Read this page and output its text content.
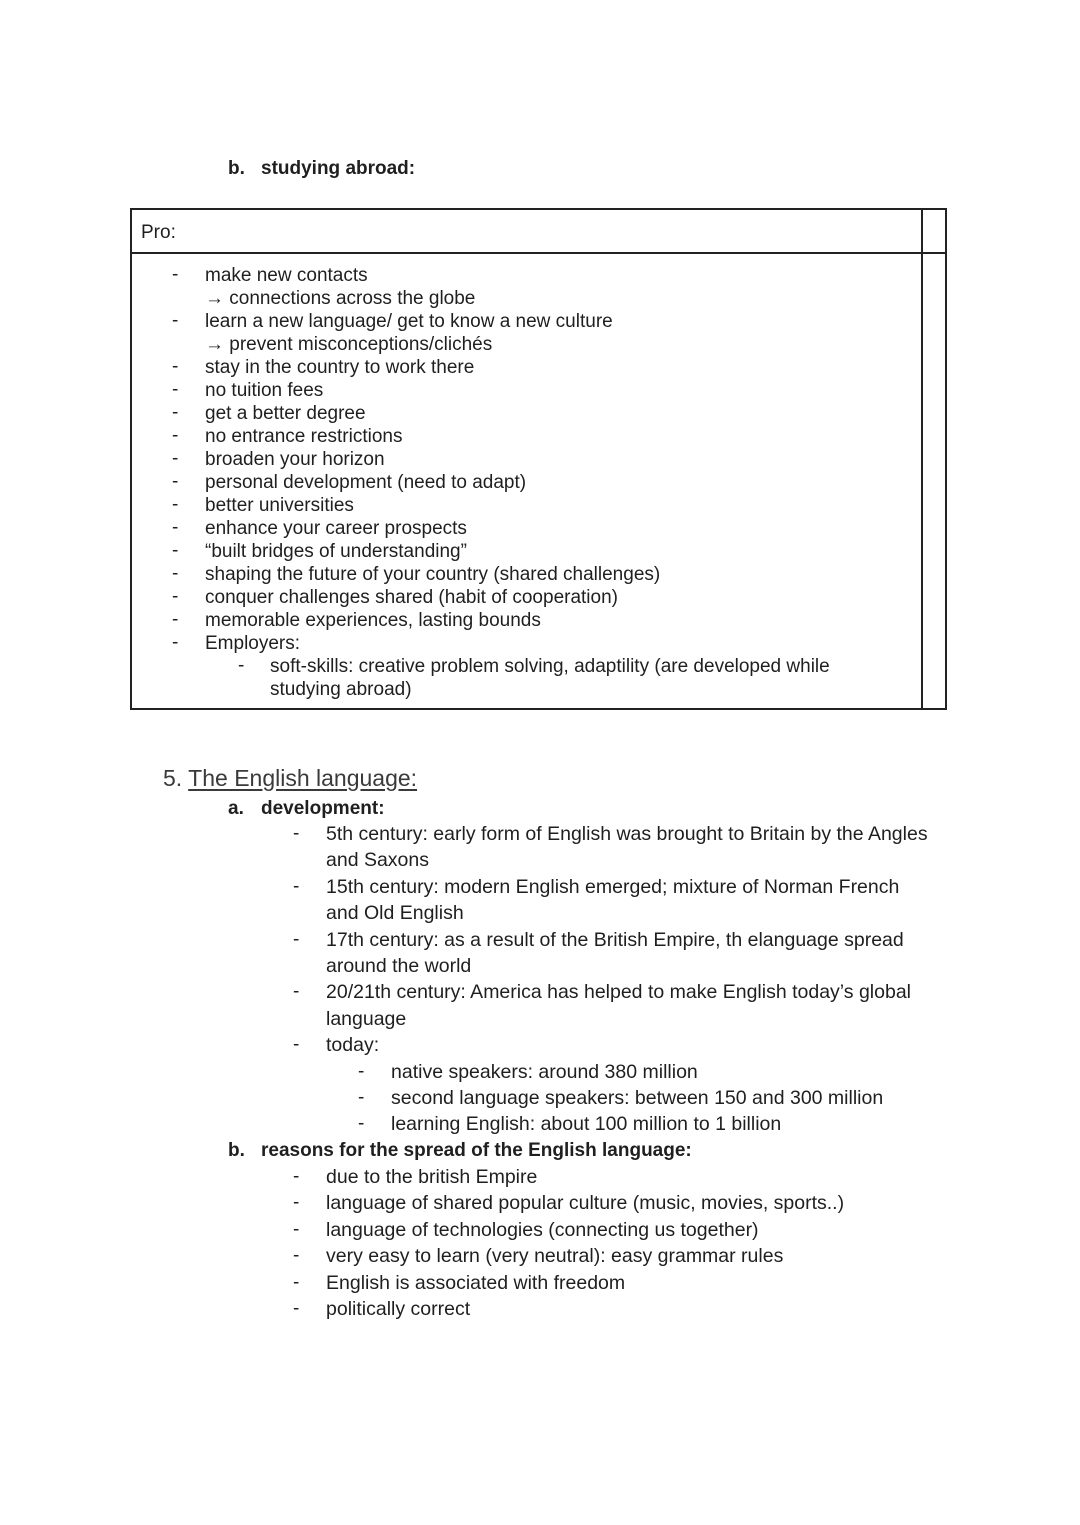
b. studying abroad:
Pro:
- make new contacts
→ connections across the globe
- learn a new language/ get to know a new culture
→ prevent misconceptions/clichés
- stay in the country to work there
- no tuition fees
- get a better degree
- no entrance restrictions
- broaden your horizon
- personal development (need to adapt)
- better universities
- enhance your career prospects
- “built bridges of understanding”
- shaping the future of your country (shared challenges)
- conquer challenges shared (habit of cooperation)
- memorable experiences, lasting bounds
- Employers:
- soft-skills: creative problem solving, adaptility (are developed while
studying abroad)
5. The English language:
a. development:
- 5th century: early form of English was brought to Britain by the Angles
and Saxons
- 15th century: modern English emerged; mixture of Norman French
and Old English
- 17th century: as a result of the British Empire, th elanguage spread
around the world
- 20/21th century: America has helped to make English today’s global
language
- today:
- native speakers: around 380 million
- second language speakers: between 150 and 300 million
- learning English: about 100 million to 1 billion
b. reasons for the spread of the English language:
- due to the british Empire
- language of shared popular culture (music, movies, sports..)
- language of technologies (connecting us together)
- very easy to learn (very neutral): easy grammar rules
- English is associated with freedom
- politically correct
